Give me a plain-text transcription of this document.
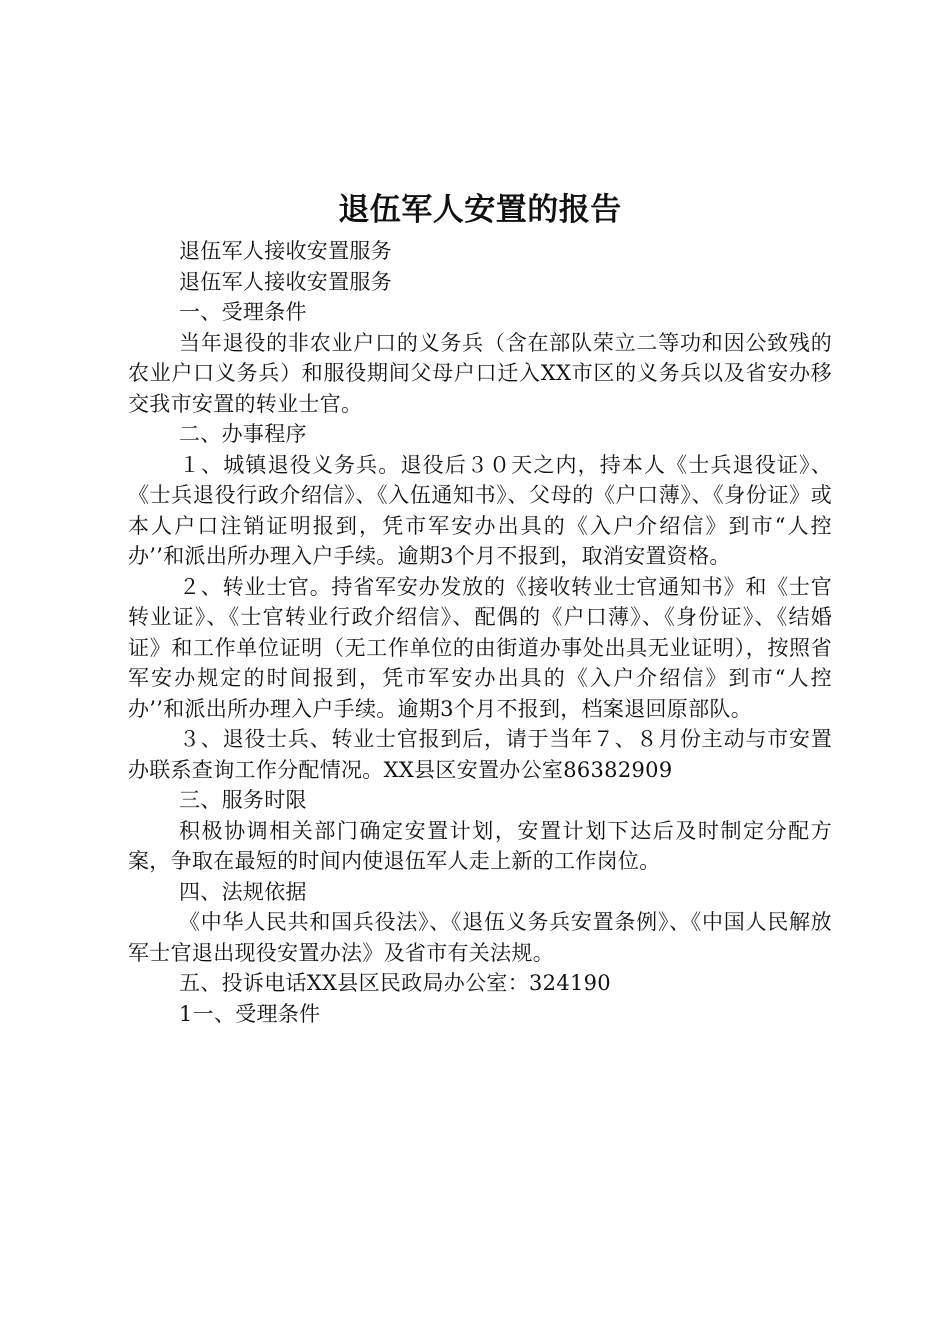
退伍军人安置的报告

退伍军人接收安置服务

退伍军人接收安置服务

一、受理条件

当年退役的非农业户口的义务兵（含在部队荣立二等功和因公致残的农业户口义务兵）和服役期间父母户口迁入XX市区的义务兵以及省安办移交我市安置的转业士官。

二、办事程序

１、城镇退役义务兵。退役后３０天之内，持本人《士兵退役证》、《士兵退役行政介绍信》、《入伍通知书》、父母的《户口薄》、《身份证》或本人户口注销证明报到，凭市军安办出具的《入户介绍信》到市“人控办’’和派出所办理入户手续。逾期3个月不报到，取消安置资格。

２、转业士官。持省军安办发放的《接收转业士官通知书》和《士官转业证》、《士官转业行政介绍信》、配偶的《户口薄》、《身份证》、《结婚证》和工作单位证明（无工作单位的由街道办事处出具无业证明），按照省军安办规定的时间报到，凭市军安办出具的《入户介绍信》到市“人控办’’和派出所办理入户手续。逾期3个月不报到，档案退回原部队。

３、退役士兵、转业士官报到后，请于当年７、８月份主动与市安置办联系查询工作分配情况。XX县区安置办公室86382909

三、服务时限

积极协调相关部门确定安置计划，安置计划下达后及时制定分配方案，争取在最短的时间内使退伍军人走上新的工作岗位。

四、法规依据

《中华人民共和国兵役法》、《退伍义务兵安置条例》、《中国人民解放军士官退出现役安置办法》及省市有关法规。

五、投诉电话XX县区民政局办公室：324190

1一、受理条件
